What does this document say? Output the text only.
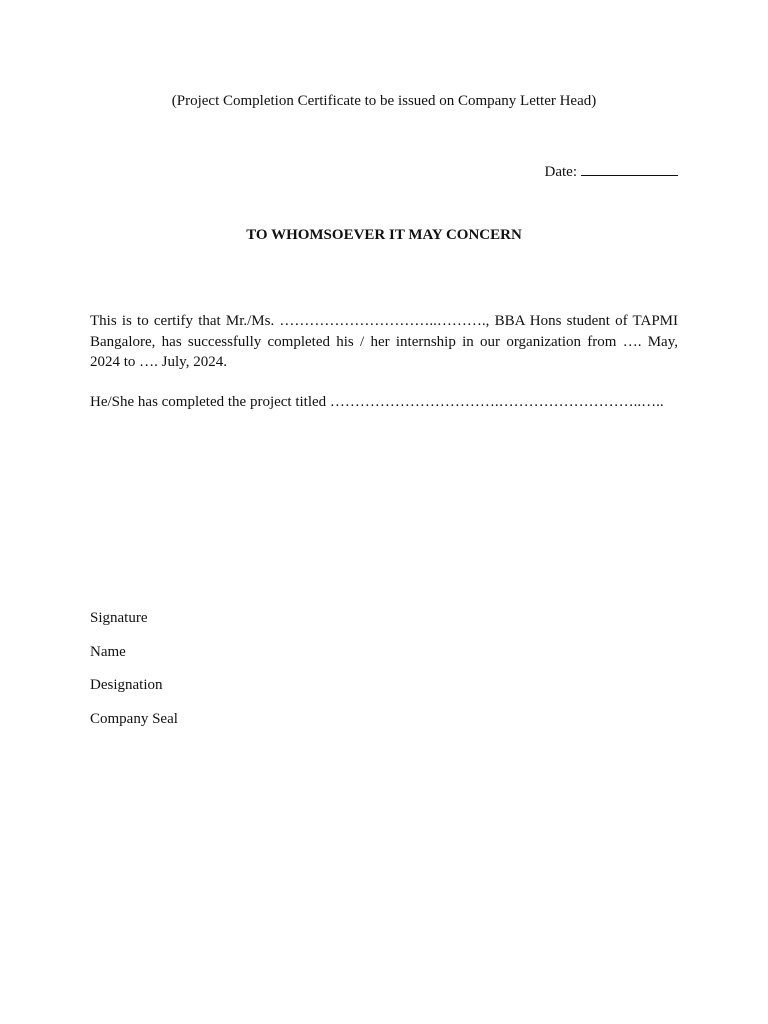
(Project Completion Certificate to be issued on Company Letter Head)
Date:
TO WHOMSOEVER IT MAY CONCERN
This is to certify that Mr./Ms. …………………………..………., BBA Hons student of TAPMI Bangalore, has successfully completed his / her internship in our organization from …. May, 2024 to …. July, 2024.
He/She has completed the project titled …………………………….………………………..…..
Signature
Name
Designation
Company Seal
